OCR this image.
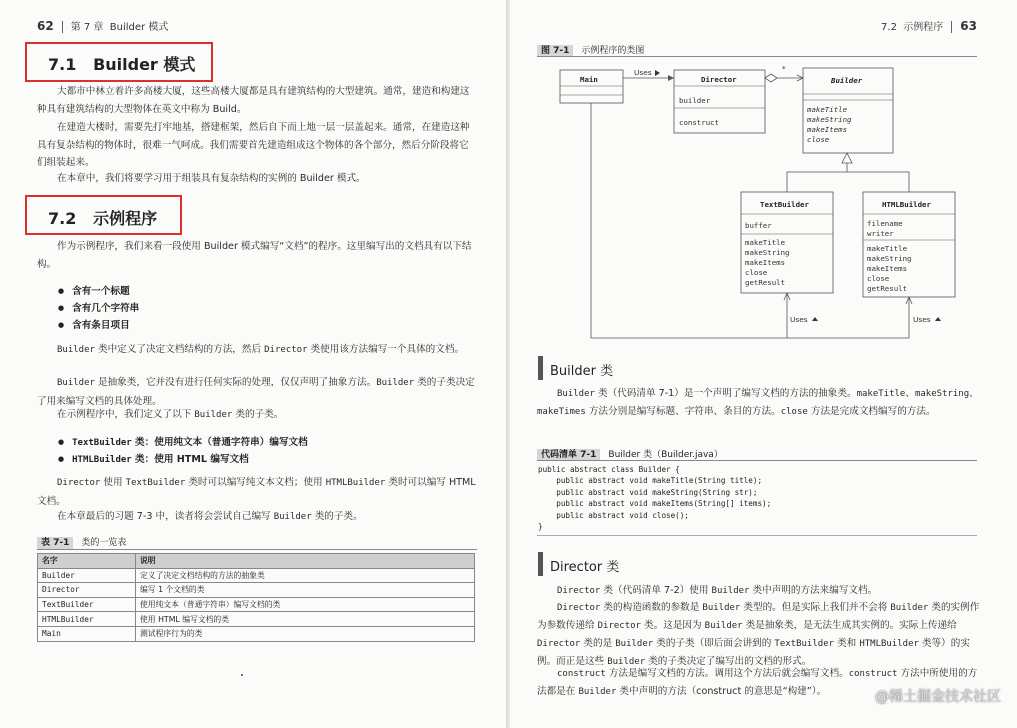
62 第 7 章 Builder 模式
7.1 Builder 模式
大都市中林立着许多高楼大厦，这些高楼大厦都是具有建筑结构的大型建筑。通常，建造和构建这种具有建筑结构的大型物体在英文中称为 Build。
在建造大楼时，需要先打牢地基，搭建框架，然后自下而上地一层一层盖起来。通常，在建造这种具有复杂结构的物体时，很难一气呵成。我们需要首先建造组成这个物体的各个部分，然后分阶段将它们组装起来。
在本章中，我们将要学习用于组装具有复杂结构的实例的 Builder 模式。
7.2 示例程序
作为示例程序，我们来看一段使用 Builder 模式编写“文档”的程序。这里编写出的文档具有以下结构。
● 含有一个标题
● 含有几个字符串
● 含有条目项目
Builder 类中定义了决定文档结构的方法，然后 Director 类使用该方法编写一个具体的文档。
Builder 是抽象类，它并没有进行任何实际的处理，仅仅声明了抽象方法。Builder 类的子类决定了用来编写文档的具体处理。
在示例程序中，我们定义了以下 Builder 类的子类。
● TextBuilder 类：使用纯文本（普通字符串）编写文档
● HTMLBuilder 类：使用 HTML 编写文档
Director 使用 TextBuilder 类时可以编写纯文本文档；使用 HTMLBuilder 类时可以编写 HTML 文档。
在本章最后的习题 7-3 中，读者将会尝试自己编写 Builder 类的子类。
表 7-1 类的一览表
名字	说明
Builder	定义了决定文档结构的方法的抽象类
Director	编写 1 个文档的类
TextBuilder	使用纯文本（普通字符串）编写文档的类
HTMLBuilder	使用 HTML 编写文档的类
Main	测试程序行为的类
7.2 示例程序 63
图 7-1 示例程序的类图
Main	Director
builder
construct
Builder
makeTitle
makeString
makeItems
close
TextBuilder
buffer
makeTitle
makeString
makeItems
close
getResult
HTMLBuilder
filename
writer
makeTitle
makeString
makeItems
close
getResult
Uses	*
Uses	Uses
Builder 类
Builder 类（代码清单 7-1）是一个声明了编写文档的方法的抽象类。makeTitle、makeString、makeTimes 方法分别是编写标题、字符串、条目的方法。close 方法是完成文档编写的方法。
代码清单 7-1 Builder 类（Builder.java）
public abstract class Builder {
public abstract void makeTitle(String title);
public abstract void makeString(String str);
public abstract void makeItems(String[] items);
public abstract void close();
}
Director 类
Director 类（代码清单 7-2）使用 Builder 类中声明的方法来编写文档。
Director 类的构造函数的参数是 Builder 类型的。但是实际上我们并不会将 Builder 类的实例作为参数传递给 Director 类。这是因为 Builder 类是抽象类，是无法生成其实例的。实际上传递给 Director 类的是 Builder 类的子类（即后面会讲到的 TextBuilder 类和 HTMLBuilder 类等）的实例。而正是这些 Builder 类的子类决定了编写出的文档的形式。
construct 方法是编写文档的方法。调用这个方法后就会编写文档。construct 方法中所使用的方法都是在 Builder 类中声明的方法（construct 的意思是“构建”）。	@稀土掘金技术社区
